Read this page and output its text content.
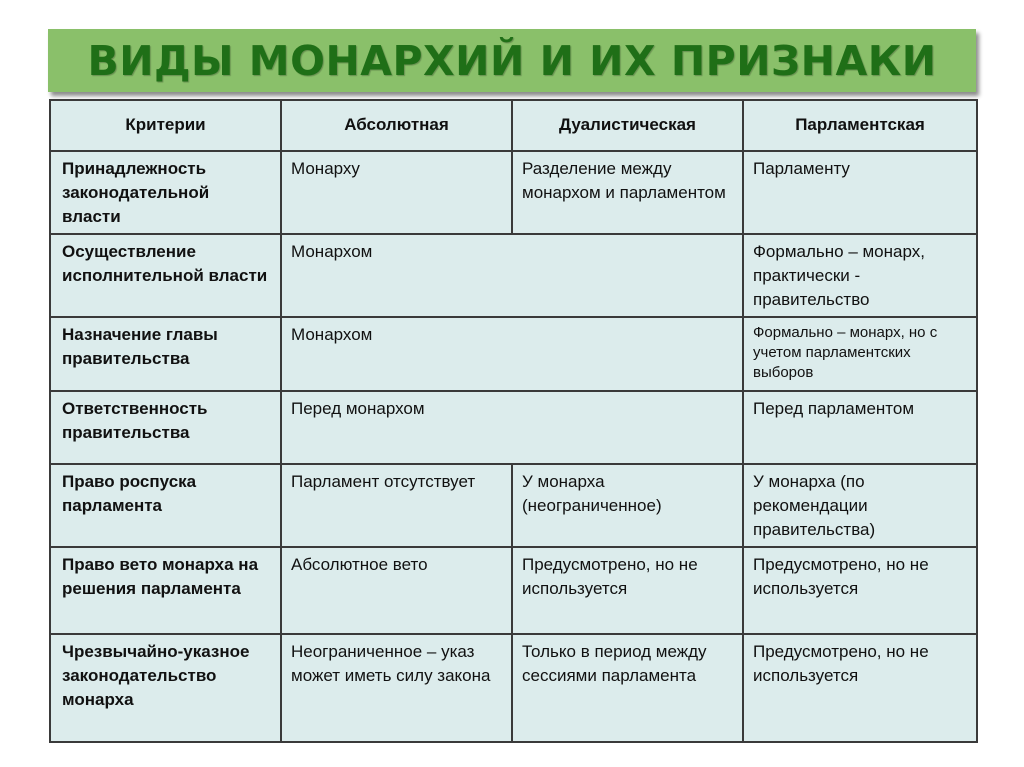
ВИДЫ МОНАРХИЙ И ИХ ПРИЗНАКИ
Критерии	Абсолютная	Дуалистическая	Парламентская
Принадлежность законодательной власти	Монарху	Разделение между монархом и парламентом	Парламенту
Осуществление исполнительной власти	Монархом		Формально – монарх, практически - правительство
Назначение главы правительства	Монархом		Формально – монарх, но с учетом парламентских выборов
Ответственность правительства	Перед монархом		Перед парламентом
Право роспуска парламента	Парламент отсутствует	У монарха (неограниченное)	У монарха (по рекомендации правительства)
Право вето монарха на решения парламента	Абсолютное вето	Предусмотрено, но не используется	Предусмотрено, но не используется
Чрезвычайно-указное законодательство монарха	Неограниченное – указ может иметь силу закона	Только в период между сессиями парламента	Предусмотрено, но не используется
